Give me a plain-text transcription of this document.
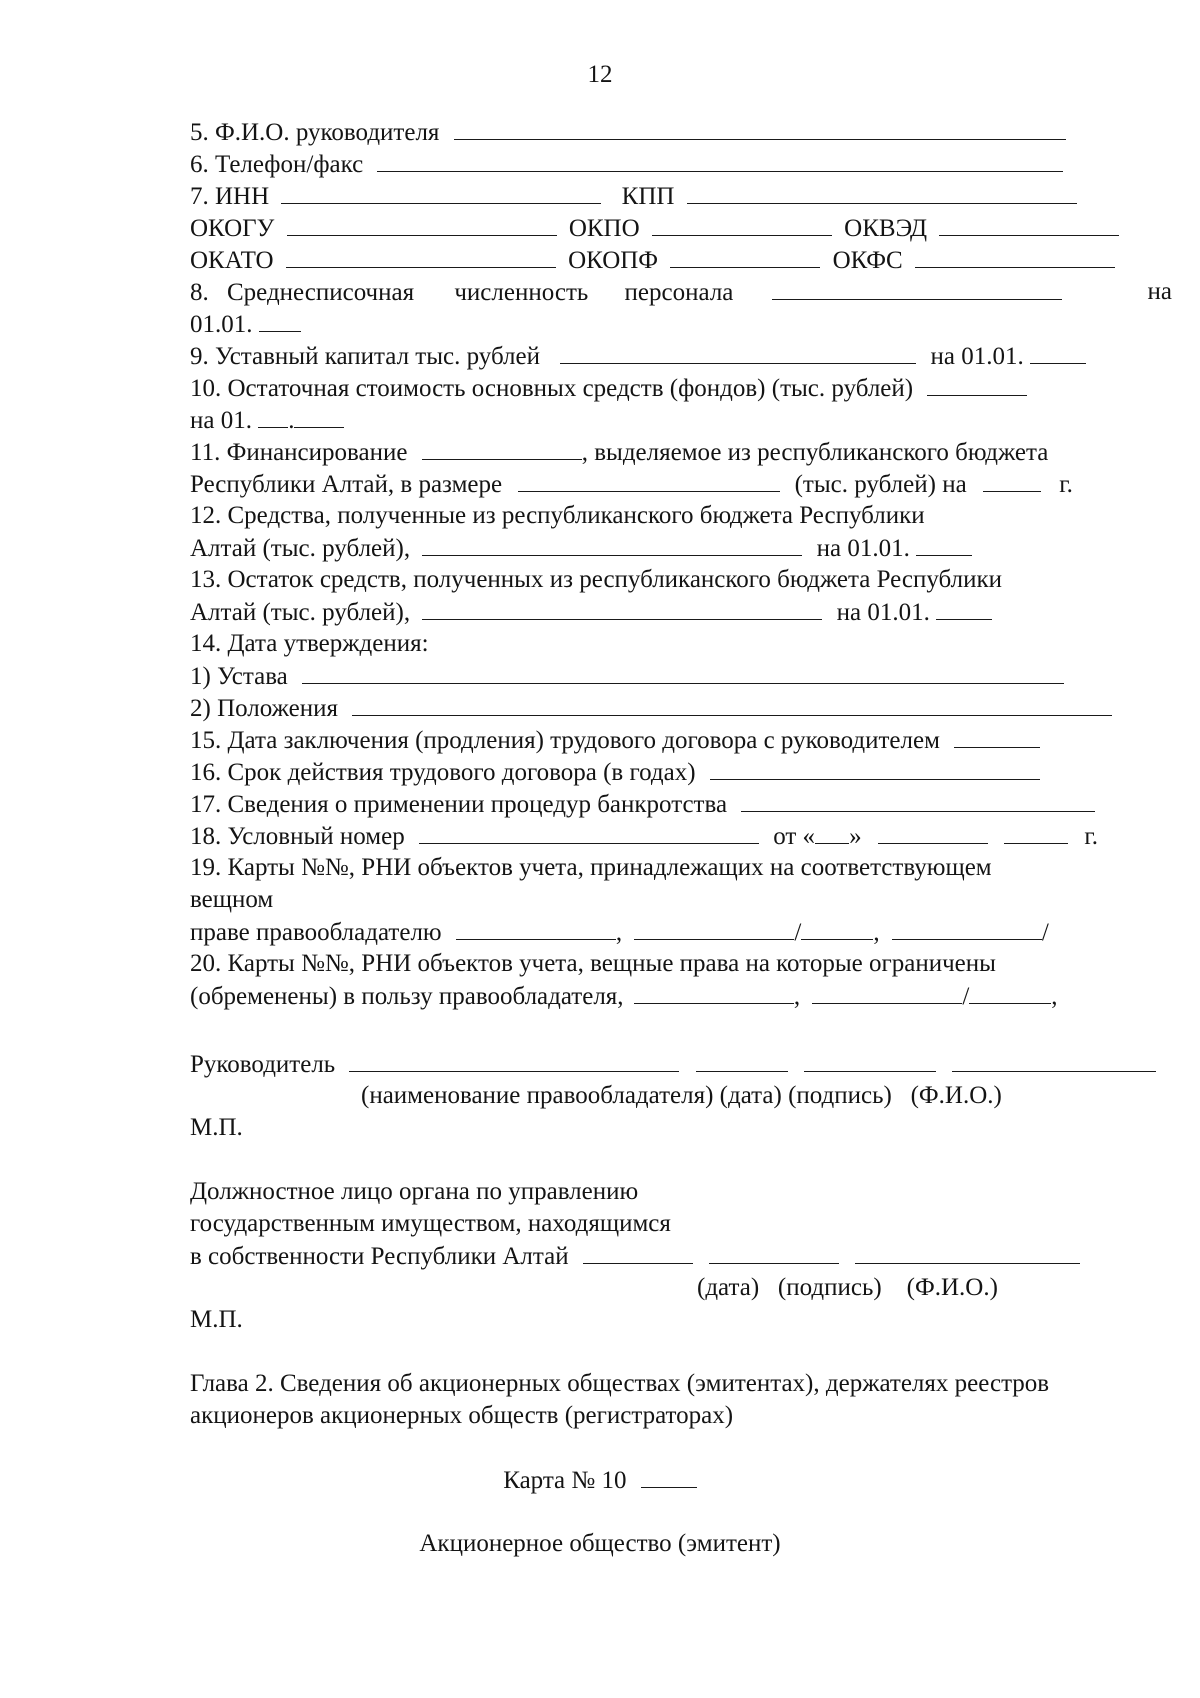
12
5. Ф.И.О. руководителя
6. Телефон/факс
7. ИНН	КПП
ОКОГУ	ОКПО	ОКВЭД
ОКАТО	ОКОПФ	ОКФС
8. Среднесписочная численность персонала	на
01.01.
9. Уставный капитал тыс. рублей	на 01.01.
10. Остаточная стоимость основных средств (фондов) (тыс. рублей)
на 01. .
11. Финансирование	, выделяемое из республиканского бюджета
Республики Алтай, в размере	(тыс. рублей) на	г.
12. Средства, полученные из республиканского бюджета Республики
Алтай (тыс. рублей),	на 01.01.
13. Остаток средств, полученных из республиканского бюджета Республики
Алтай (тыс. рублей),	на 01.01.
14. Дата утверждения:
1) Устава
2) Положения
15. Дата заключения (продления) трудового договора с руководителем
16. Срок действия трудового договора (в годах)
17. Сведения о применении процедур банкротства
18. Условный номер	от « »	г.
19. Карты №№, РНИ объектов учета, принадлежащих на соответствующем
вещном
праве правообладателю	,	/	,	/
20. Карты №№, РНИ объектов учета, вещные права на которые ограничены
(обременены) в пользу правообладателя,	,	/	,
Руководитель
(наименование правообладателя) (дата) (подпись)   (Ф.И.О.)
М.П.
Должностное лицо органа по управлению
государственным имуществом, находящимся
в собственности Республики Алтай
(дата)   (подпись)    (Ф.И.О.)
М.П.
Глава 2. Сведения об акционерных обществах (эмитентах), держателях реестров
акционеров акционерных обществ (регистраторах)
Карта № 10
Акционерное общество (эмитент)
